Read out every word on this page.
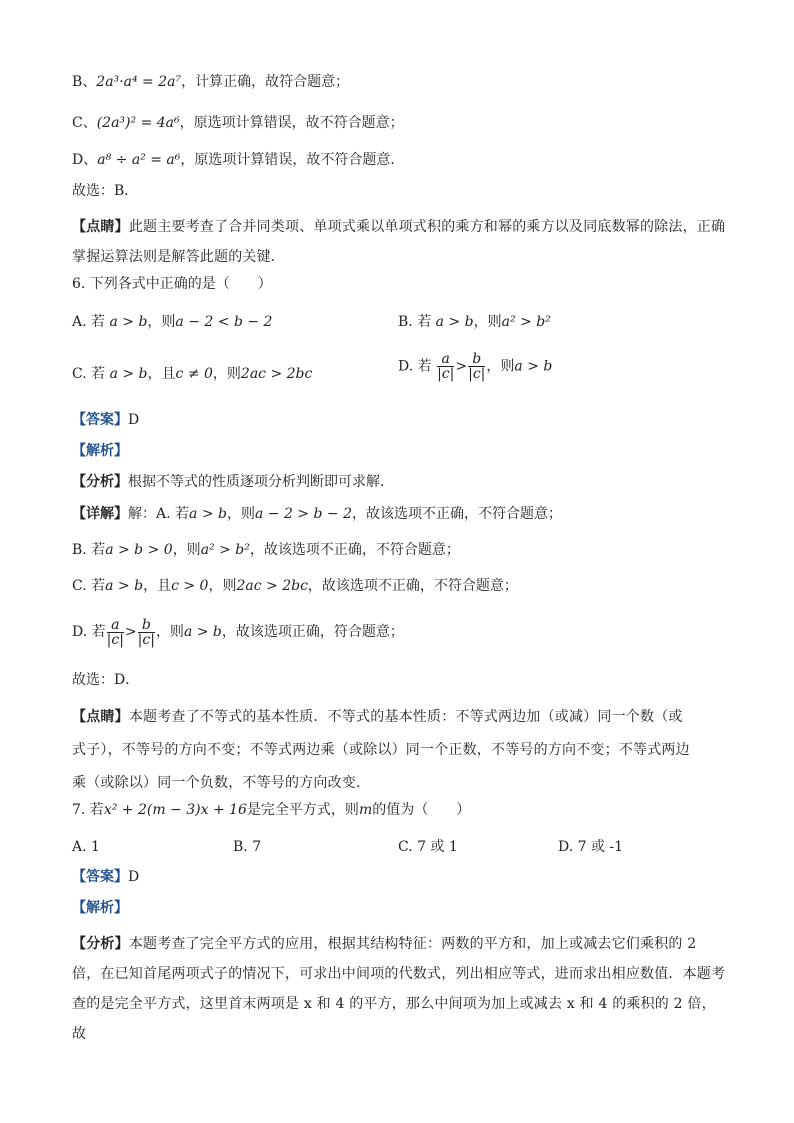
B、2a³·a⁴ = 2a⁷，计算正确，故符合题意；
C、(2a³)² = 4a⁶，原选项计算错误，故不符合题意；
D、a⁸ ÷ a² = a⁶，原选项计算错误，故不符合题意．
故选：B．
【点睛】此题主要考查了合并同类项、单项式乘以单项式积的乘方和幂的乘方以及同底数幂的除法，正确掌握运算法则是解答此题的关键．
6. 下列各式中正确的是（　　）
A. 若 a > b，则a − 2 < b − 2	B. 若 a > b，则a² > b²
C. 若 a > b，且c ≠ 0，则2ac > 2bc	D. 若 $\frac{a}{|c|} > \frac{b}{|c|}$ ，则a > b
【答案】D
【解析】
【分析】根据不等式的性质逐项分析判断即可求解．
【详解】解：A. 若a > b，则a − 2 > b − 2，故该选项不正确，不符合题意；
B. 若a > b > 0，则a² > b²，故该选项不正确，不符合题意；
C. 若a > b，且c > 0，则2ac > 2bc，故该选项不正确，不符合题意；
D. 若 $\frac{a}{|c|} > \frac{b}{|c|}$ ，则a > b，故该选项正确，符合题意；
故选：D．
【点睛】本题考查了不等式的基本性质．不等式的基本性质：不等式两边加（或减）同一个数（或式子），不等号的方向不变；不等式两边乘（或除以）同一个正数，不等号的方向不变；不等式两边乘（或除以）同一个负数，不等号的方向改变．
7. 若x² + 2(m − 3)x + 16是完全平方式，则m的值为（　　）
A. 1	B. 7	C. 7 或 1	D. 7 或 -1
【答案】D
【解析】
【分析】本题考查了完全平方式的应用，根据其结构特征：两数的平方和，加上或减去它们乘积的 2 倍，在已知首尾两项式子的情况下，可求出中间项的代数式，列出相应等式，进而求出相应数值．本题考查的是完全平方式，这里首末两项是 x 和 4 的平方，那么中间项为加上或减去 x 和 4 的乘积的 2 倍，故
